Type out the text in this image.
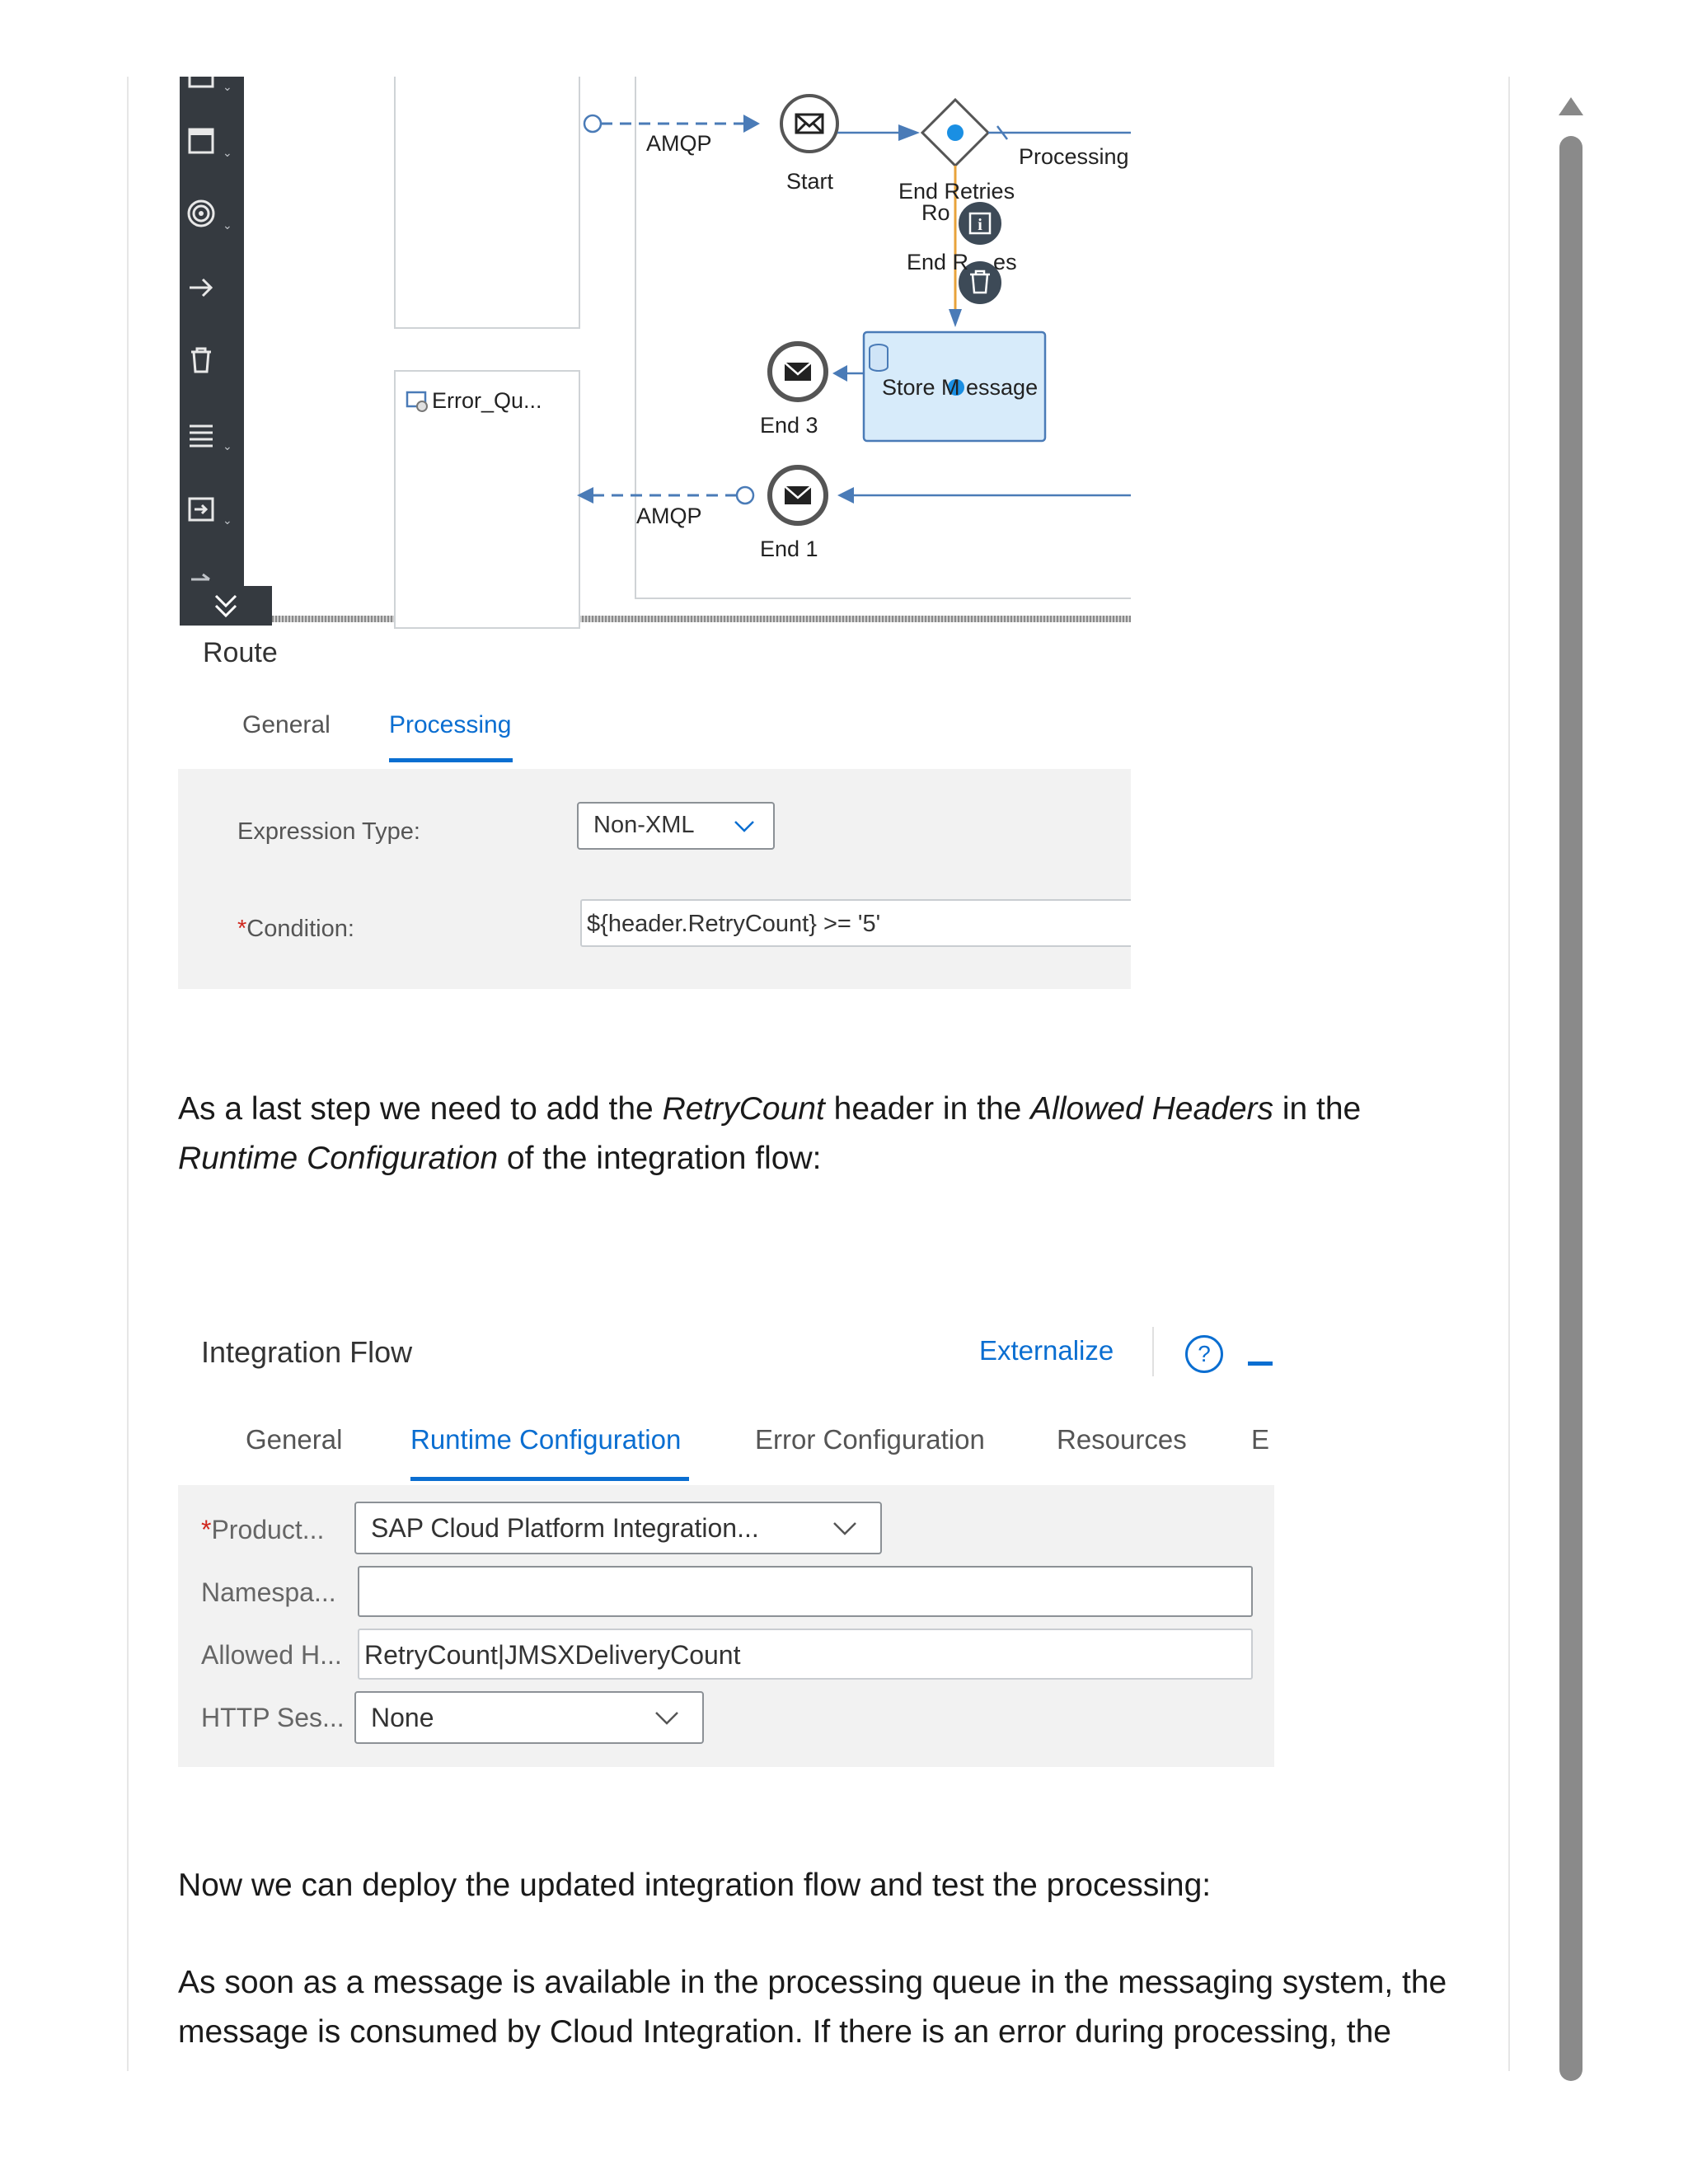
⌄
⌄
⌄
⌄
⌄
Error_Qu...
i
AMQP
Start	End Retries
Ro
Processing
End R    es
Store M essage
End 3
AMQP
End 1
Route
General Processing
Expression Type:	Non-XML
*Condition:	${header.RetryCount} >= '5'
As a last step we need to add the RetryCount header in the Allowed Headers in the
Runtime Configuration of the integration flow:
Integration Flow	Externalize	?
General	Runtime Configuration	Error Configuration	Resources E
*Product... SAP Cloud Platform Integration...
Namespa...
Allowed H... RetryCount|JMSXDeliveryCount
HTTP Ses... None
Now we can deploy the updated integration flow and test the processing:
As soon as a message is available in the processing queue in the messaging system, the
message is consumed by Cloud Integration. If there is an error during processing, the
